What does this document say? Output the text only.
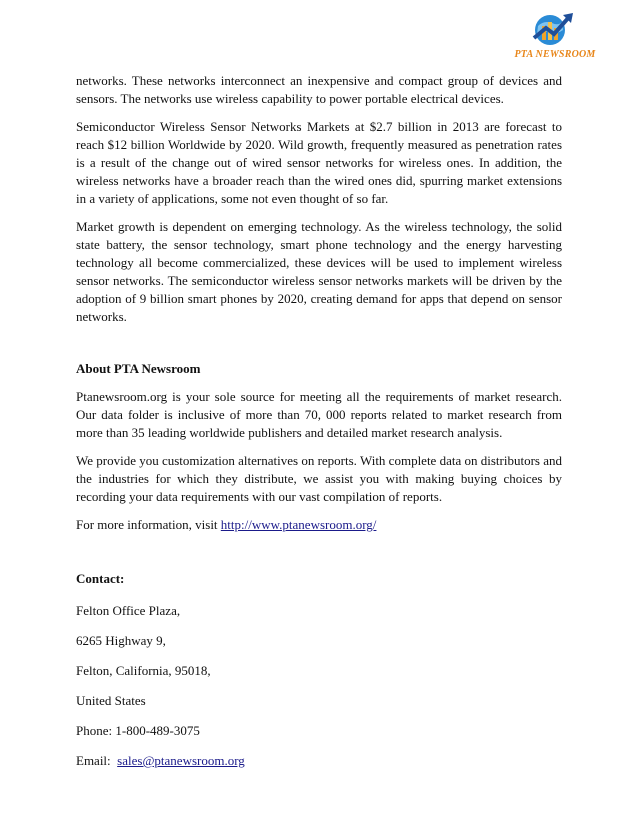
PTA NEWSROOM

networks. These networks interconnect an inexpensive and compact group of devices and sensors. The networks use wireless capability to power portable electrical devices.

Semiconductor Wireless Sensor Networks Markets at $2.7 billion in 2013 are forecast to reach $12 billion Worldwide by 2020. Wild growth, frequently measured as penetration rates is a result of the change out of wired sensor networks for wireless ones. In addition, the wireless networks have a broader reach than the wired ones did, spurring market extensions in a variety of applications, some not even thought of so far.

Market growth is dependent on emerging technology. As the wireless technology, the solid state battery, the sensor technology, smart phone technology and the energy harvesting technology all become commercialized, these devices will be used to implement wireless sensor networks. The semiconductor wireless sensor networks markets will be driven by the adoption of 9 billion smart phones by 2020, creating demand for apps that depend on sensor networks.

About PTA Newsroom

Ptanewsroom.org is your sole source for meeting all the requirements of market research. Our data folder is inclusive of more than 70, 000 reports related to market research from more than 35 leading worldwide publishers and detailed market research analysis.

We provide you customization alternatives on reports. With complete data on distributors and the industries for which they distribute, we assist you with making buying choices by recording your data requirements with our vast compilation of reports.

For more information, visit http://www.ptanewsroom.org/

Contact:
Felton Office Plaza,
6265 Highway 9,
Felton, California, 95018,
United States
Phone: 1-800-489-3075
Email:  sales@ptanewsroom.org
